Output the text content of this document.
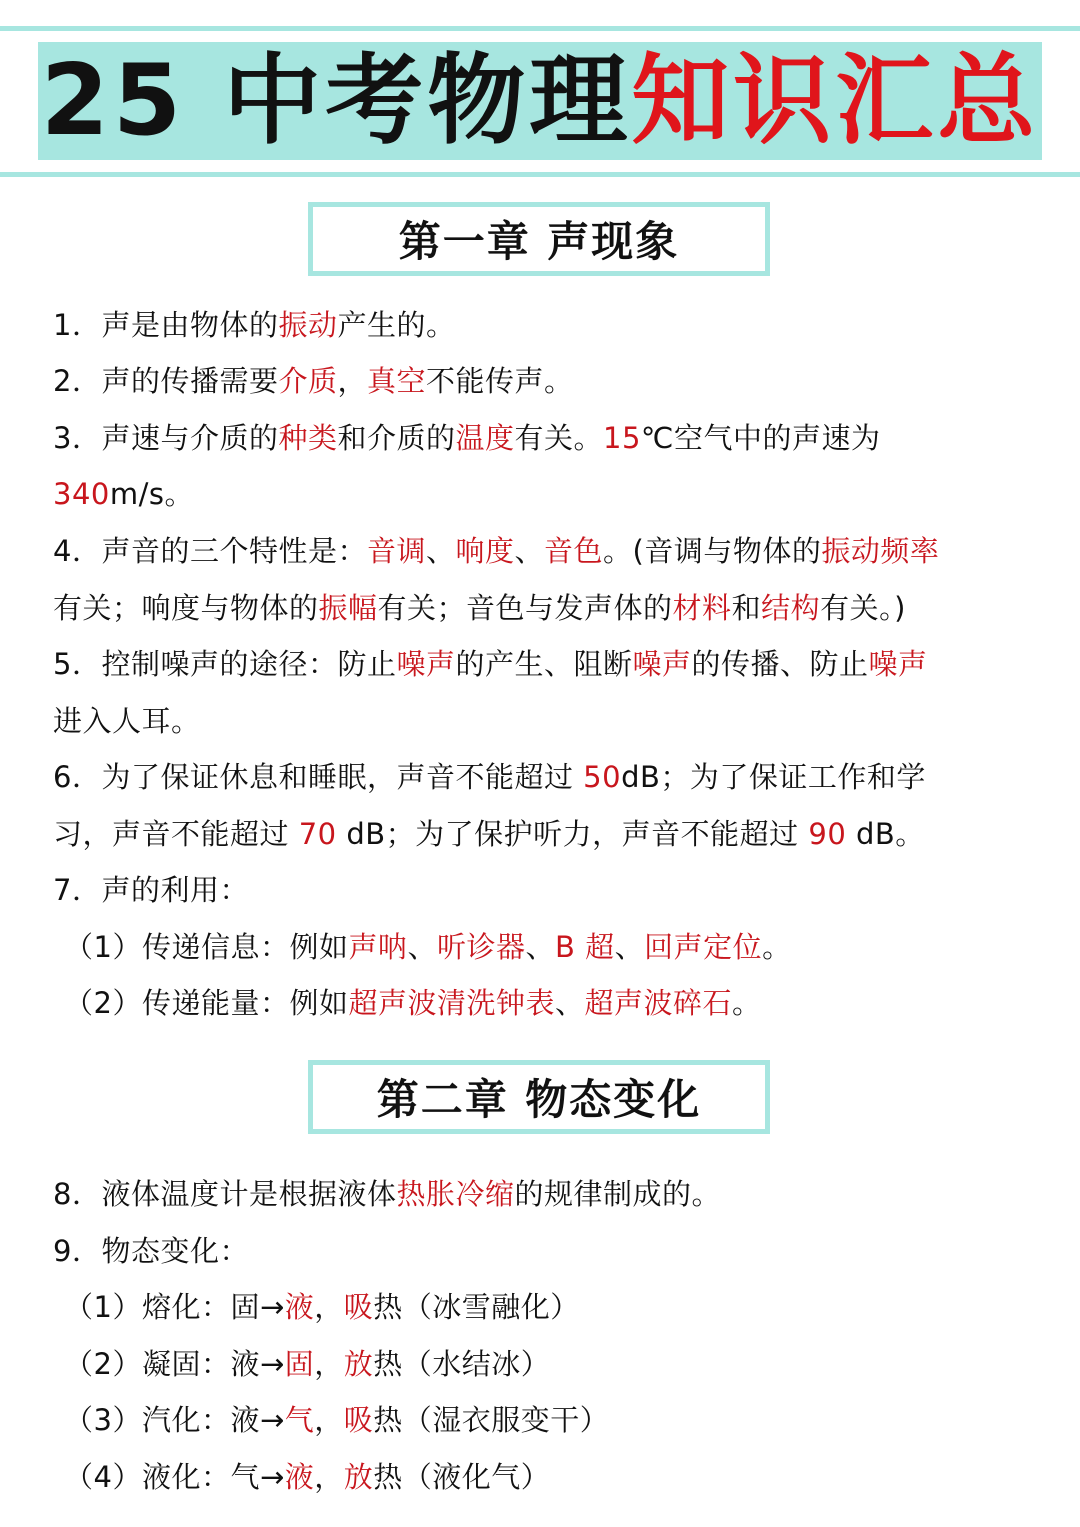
25 中考物理 知识汇总
第一章 声现象
1．声是由物体的振动产生的。
2．声的传播需要介质，真空不能传声。
3．声速与介质的种类和介质的温度有关。15℃空气中的声速为
340m/s。
4．声音的三个特性是：音调、响度、音色。(音调与物体的振动频率
有关；响度与物体的振幅有关；音色与发声体的材料和结构有关。)
5．控制噪声的途径：防止噪声的产生、阻断噪声的传播、防止噪声
进入人耳。
6．为了保证休息和睡眠，声音不能超过 50dB；为了保证工作和学
习，声音不能超过 70 dB；为了保护听力，声音不能超过 90 dB。
7．声的利用：
（1）传递信息：例如声呐、听诊器、B 超、回声定位。
（2）传递能量：例如超声波清洗钟表、超声波碎石。
第二章 物态变化
8．液体温度计是根据液体热胀冷缩的规律制成的。
9．物态变化：
（1）熔化：固→液，吸热（冰雪融化）
（2）凝固：液→固，放热（水结冰）
（3）汽化：液→气，吸热（湿衣服变干）
（4）液化：气→液，放热（液化气）
